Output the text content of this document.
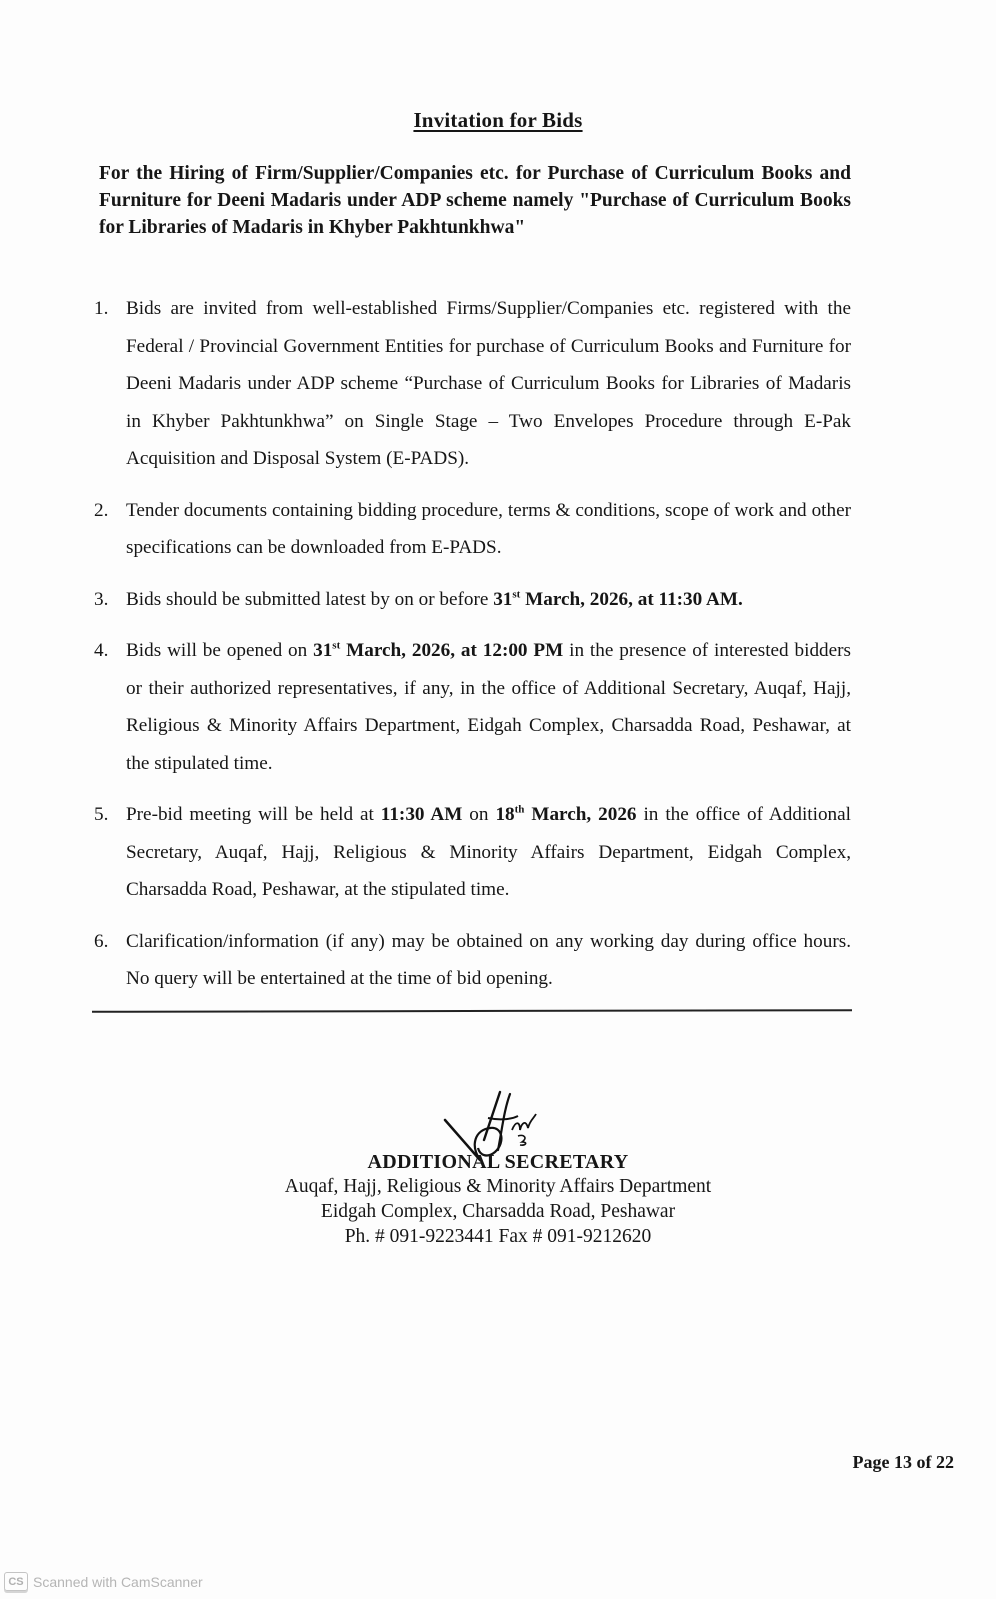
Invitation for Bids
For the Hiring of Firm/Supplier/Companies etc. for Purchase of Curriculum Books and Furniture for Deeni Madaris under ADP scheme namely "Purchase of Curriculum Books for Libraries of Madaris in Khyber Pakhtunkhwa"
1. Bids are invited from well-established Firms/Supplier/Companies etc. registered with the Federal / Provincial Government Entities for purchase of Curriculum Books and Furniture for Deeni Madaris under ADP scheme “Purchase of Curriculum Books for Libraries of Madaris in Khyber Pakhtunkhwa” on Single Stage – Two Envelopes Procedure through E-Pak Acquisition and Disposal System (E-PADS).
2. Tender documents containing bidding procedure, terms & conditions, scope of work and other specifications can be downloaded from E-PADS.
3. Bids should be submitted latest by on or before 31st March, 2026, at 11:30 AM.
4. Bids will be opened on 31st March, 2026, at 12:00 PM in the presence of interested bidders or their authorized representatives, if any, in the office of Additional Secretary, Auqaf, Hajj, Religious & Minority Affairs Department, Eidgah Complex, Charsadda Road, Peshawar, at the stipulated time.
5. Pre-bid meeting will be held at 11:30 AM on 18th March, 2026 in the office of Additional Secretary, Auqaf, Hajj, Religious & Minority Affairs Department, Eidgah Complex, Charsadda Road, Peshawar, at the stipulated time.
6. Clarification/information (if any) may be obtained on any working day during office hours. No query will be entertained at the time of bid opening.
ADDITIONAL SECRETARY
Auqaf, Hajj, Religious & Minority Affairs Department
Eidgah Complex, Charsadda Road, Peshawar
Ph. # 091-9223441 Fax # 091-9212620
Page 13 of 22
CS Scanned with CamScanner
